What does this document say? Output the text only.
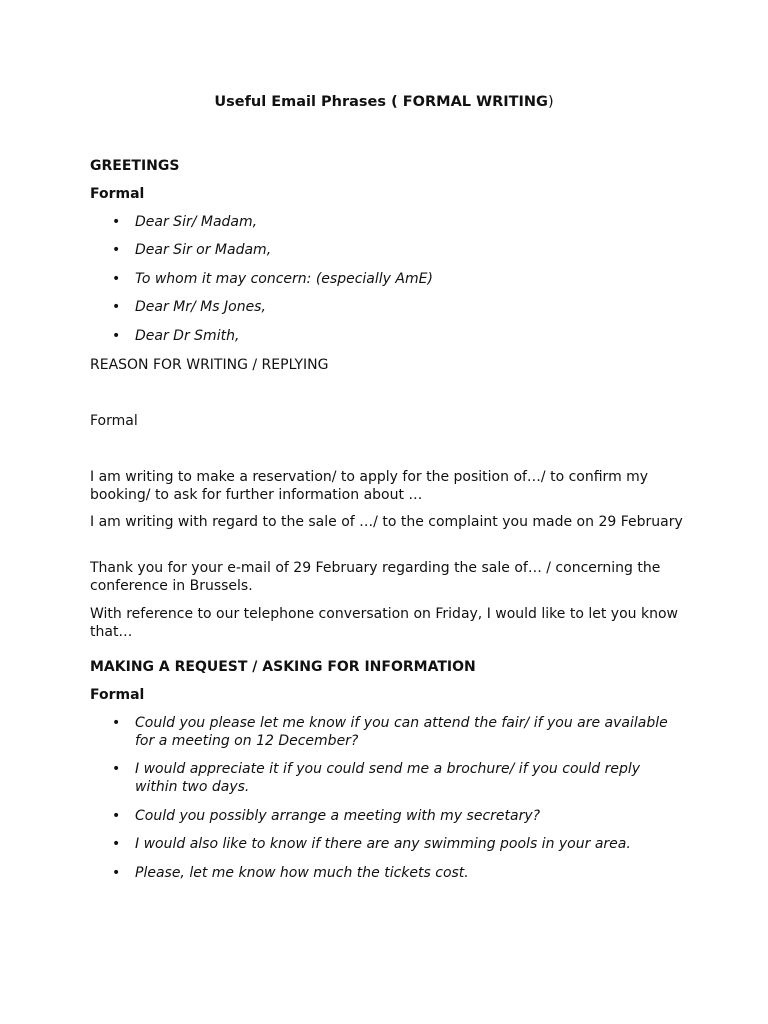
Useful Email Phrases ( FORMAL WRITING)

GREETINGS

Formal

• Dear Sir/ Madam,
• Dear Sir or Madam,
• To whom it may concern: (especially AmE)
• Dear Mr/ Ms Jones,
• Dear Dr Smith,

REASON FOR WRITING / REPLYING

Formal

I am writing to make a reservation/ to apply for the position of…/ to confirm my booking/ to ask for further information about …

I am writing with regard to the sale of …/ to the complaint you made on 29 February

Thank you for your e-mail of 29 February regarding the sale of… / concerning the conference in Brussels.

With reference to our telephone conversation on Friday, I would like to let you know that…

MAKING A REQUEST / ASKING FOR INFORMATION

Formal

• Could you please let me know if you can attend the fair/ if you are available for a meeting on 12 December?
• I would appreciate it if you could send me a brochure/ if you could reply within two days.
• Could you possibly arrange a meeting with my secretary?
• I would also like to know if there are any swimming pools in your area.
• Please, let me know how much the tickets cost.
